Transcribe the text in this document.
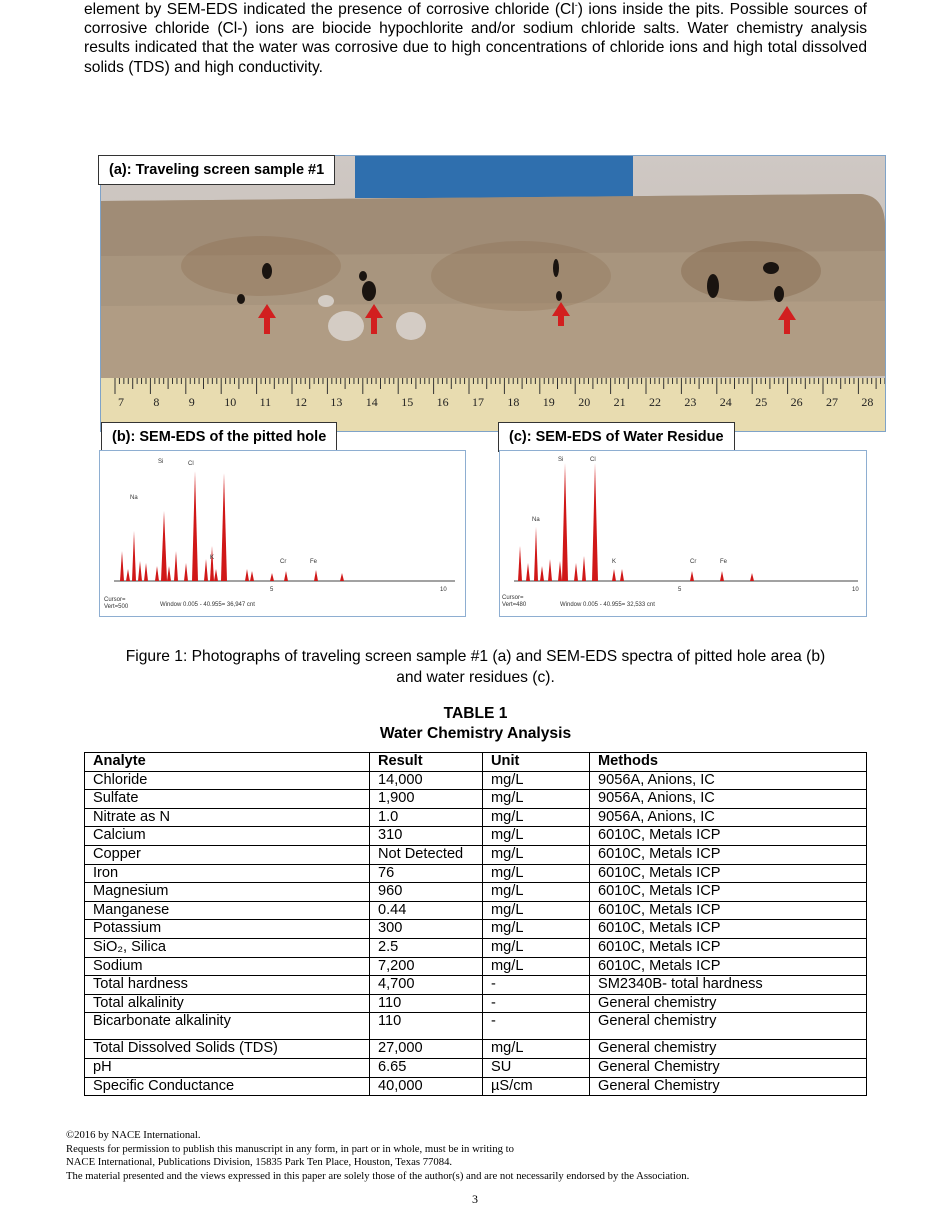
element by SEM-EDS indicated the presence of corrosive chloride (Cl-) ions inside the pits. Possible sources of corrosive chloride (Cl-) ions are biocide hypochlorite and/or sodium chloride salts. Water chemistry analysis results indicated that the water was corrosive due to high concentrations of chloride ions and high total dissolved solids (TDS) and high conductivity.

7 8 9 10 11 12 13 14 15 16 17 18 19 20 21 22 23 24 25 26 27 28
(a): Traveling screen sample #1
(b): SEM-EDS of the pitted hole	(c): SEM-EDS of Water Residue
Na
Si	Cl
K
Cr	Fe
5	10
Cursor=
Vert=500	Window 0.005 - 40.955= 36,947 cnt
Na
Si	Cl
K	Cr	Fe
5	10
Cursor=
Vert=480	Window 0.005 - 40.955= 32,533 cnt

Figure 1: Photographs of traveling screen sample #1 (a) and SEM-EDS spectra of pitted hole area (b)
and water residues (c).

TABLE 1
Water Chemistry Analysis
Analyte	Result	Unit	Methods
Chloride	14,000	mg/L	9056A, Anions, IC
Sulfate	1,900	mg/L	9056A, Anions, IC
Nitrate as N	1.0	mg/L	9056A, Anions, IC
Calcium	310	mg/L	6010C, Metals ICP
Copper	Not Detected	mg/L	6010C, Metals ICP
Iron	76	mg/L	6010C, Metals ICP
Magnesium	960	mg/L	6010C, Metals ICP
Manganese	0.44	mg/L	6010C, Metals ICP
Potassium	300	mg/L	6010C, Metals ICP
SiO₂, Silica	2.5	mg/L	6010C, Metals ICP
Sodium	7,200	mg/L	6010C, Metals ICP
Total hardness	4,700	-	SM2340B- total hardness
Total alkalinity	110	-	General chemistry
Bicarbonate alkalinity	110	-	General chemistry
Total Dissolved Solids (TDS)	27,000	mg/L	General chemistry
pH	6.65	SU	General Chemistry
Specific Conductance	40,000	µS/cm	General Chemistry

©2016 by NACE International.

Requests for permission to publish this manuscript in any form, in part or in whole, must be in writing to

NACE International, Publications Division, 15835 Park Ten Place, Houston, Texas 77084.

The material presented and the views expressed in this paper are solely those of the author(s) and are not necessarily endorsed by the Association.

3
